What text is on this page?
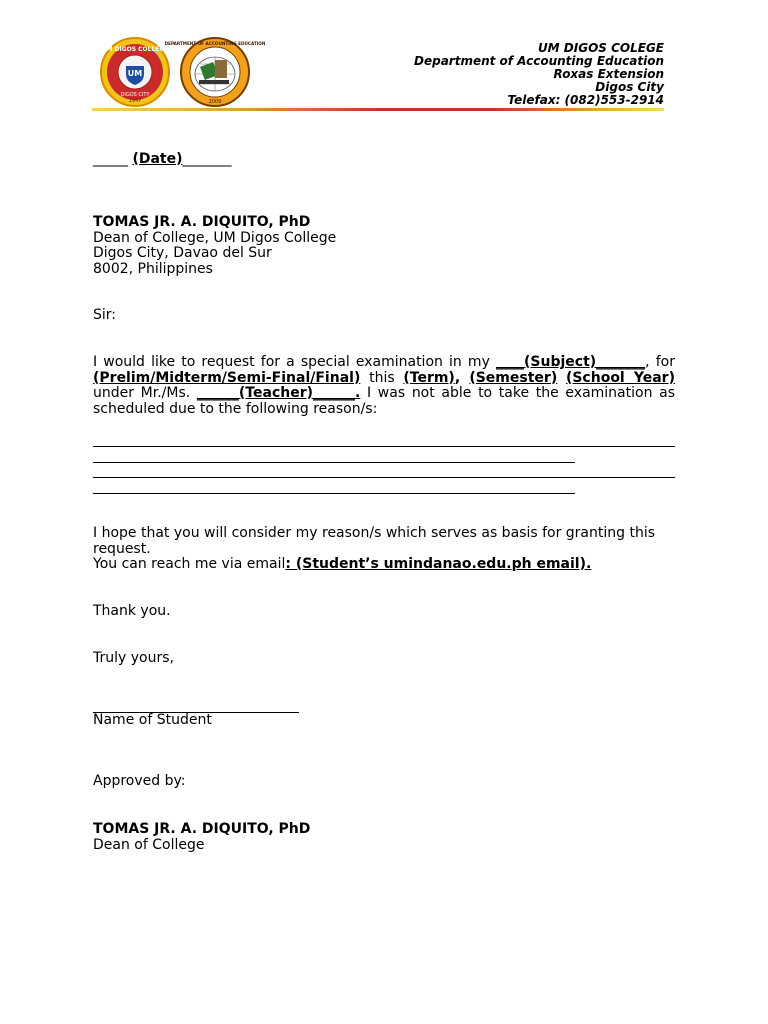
UM
UM DIGOS COLLEGE
DIGOS CITY
1947
DEPARTMENT OF ACCOUNTING EDUCATION
2009
UM DIGOS COLEGE
Department of Accounting Education
Roxas Extension
Digos City
Telefax: (082)553-2914
_____ (Date)_______
TOMAS JR. A. DIQUITO, PhD
Dean of College, UM Digos College
Digos City, Davao del Sur
8002, Philippines
Sir:
I would like to request for a special examination in my ____(Subject)_______, for (Prelim/Midterm/Semi-Final/Final) this (Term), (Semester) (School Year) under Mr./Ms. ______(Teacher)______. I was not able to take the examination as scheduled due to the following reason/s:
I hope that you will consider my reason/s which serves as basis for granting this request.
You can reach me via email: (Student’s umindanao.edu.ph email).
Thank you.
Truly yours,
Name of Student
Approved by:
TOMAS JR. A. DIQUITO, PhD
Dean of College
